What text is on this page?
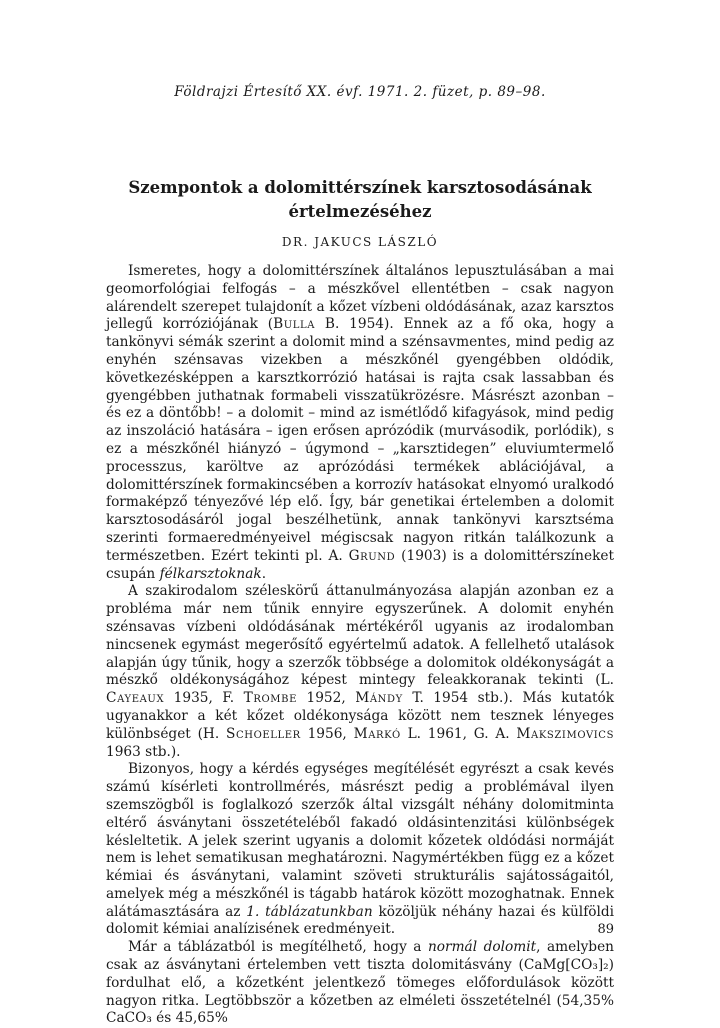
Földrajzi Értesítő XX. évf. 1971. 2. füzet, p. 89–98.
Szempontok a dolomittérszínek karsztosodásának
értelmezéséhez
DR. JAKUCS LÁSZLÓ

Ismeretes, hogy a dolomittérszínek általános lepusztulásában a mai geomorfológiai felfogás – a mészkővel ellentétben – csak nagyon alárendelt szerepet tulajdonít a kőzet vízbeni oldódásának, azaz karsztos jellegű korróziójának (Bulla B. 1954). Ennek az a fő oka, hogy a tankönyvi sémák szerint a dolomit mind a szénsavmentes, mind pedig az enyhén szénsavas vizekben a mészkőnél gyengébben oldódik, következésképpen a karsztkorrózió hatásai is rajta csak lassabban és gyengébben juthatnak formabeli visszatükrözésre. Másrészt azonban – és ez a döntőbb! – a dolomit – mind az ismétlődő kifagyások, mind pedig az inszoláció hatására – igen erősen aprózódik (murvásodik, porlódik), s ez a mészkőnél hiányzó – úgymond – „karsztidegen” eluviumtermelő processzus, karöltve az aprózódási termékek ablációjával, a dolomittérszínek formakincsében a korrozív hatásokat elnyomó uralkodó formaképző tényezővé lép elő. Így, bár genetikai értelemben a dolomit karsztosodásáról jogal beszélhetünk, annak tankönyvi karsztséma szerinti formaeredményeivel mégiscsak nagyon ritkán találkozunk a természetben. Ezért tekinti pl. A. Grund (1903) is a dolomittérszíneket csupán félkarsztoknak.

A szakirodalom széleskörű áttanulmányozása alapján azonban ez a probléma már nem tűnik ennyire egyszerűnek. A dolomit enyhén szénsavas vízbeni oldódásának mértékéről ugyanis az irodalomban nincsenek egymást megerősítő egyértelmű adatok. A fellelhető utalások alapján úgy tűnik, hogy a szerzők többsége a dolomitok oldékonyságát a mészkő oldékonyságához képest mintegy feleakkoranak tekinti (L. Cayeaux 1935, F. Trombe 1952, Mándy T. 1954 stb.). Más kutatók ugyanakkor a két kőzet oldékonysága között nem tesznek lényeges különbséget (H. Schoeller 1956, Markó L. 1961, G. A. Makszimovics 1963 stb.).

Bizonyos, hogy a kérdés egységes megítélését egyrészt a csak kevés számú kísérleti kontrollmérés, másrészt pedig a problémával ilyen szemszögből is foglalkozó szerzők által vizsgált néhány dolomitminta eltérő ásványtani összetételéből fakadó oldásintenzitási különbségek késleltetik. A jelek szerint ugyanis a dolomit kőzetek oldódási normáját nem is lehet sematikusan meghatározni. Nagymértékben függ ez a kőzet kémiai és ásványtani, valamint szöveti strukturális sajátosságaitól, amelyek még a mészkőnél is tágabb határok között mozoghatnak. Ennek alátámasztására az 1. táblázatunkban közöljük néhány hazai és külföldi dolomit kémiai analízisének eredményeit.

Már a táblázatból is megítélhető, hogy a normál dolomit, amelyben csak az ásványtani értelemben vett tiszta dolomitásvány (CaMg[CO₃]₂) fordulhat elő, a kőzetként jelentkező tömeges előfordulások között nagyon ritka. Legtöbbször a kőzetben az elméleti összetételnél (54,35% CaCO₃ és 45,65%

89
